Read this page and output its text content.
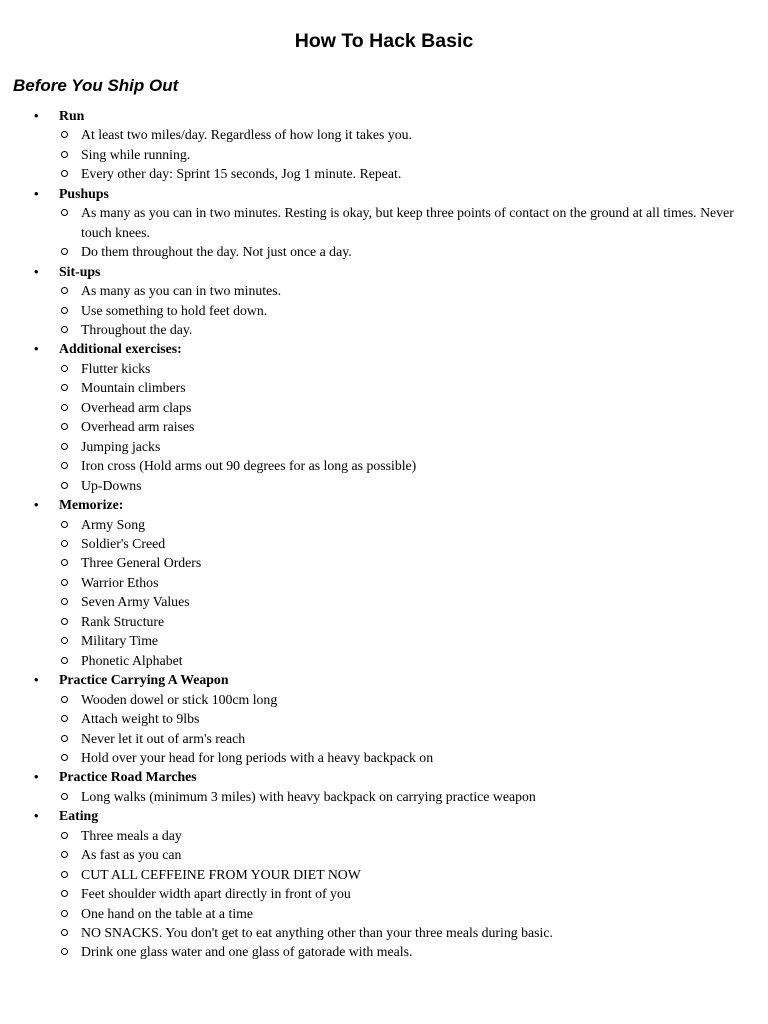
How To Hack Basic
Before You Ship Out
• Run
At least two miles/day. Regardless of how long it takes you.
Sing while running.
Every other day: Sprint 15 seconds, Jog 1 minute. Repeat.
• Pushups
As many as you can in two minutes. Resting is okay, but keep three points of contact on the ground at all times. Never touch knees.
Do them throughout the day. Not just once a day.
• Sit-ups
As many as you can in two minutes.
Use something to hold feet down.
Throughout the day.
• Additional exercises:
Flutter kicks
Mountain climbers
Overhead arm claps
Overhead arm raises
Jumping jacks
Iron cross (Hold arms out 90 degrees for as long as possible)
Up-Downs
• Memorize:
Army Song
Soldier's Creed
Three General Orders
Warrior Ethos
Seven Army Values
Rank Structure
Military Time
Phonetic Alphabet
• Practice Carrying A Weapon
Wooden dowel or stick 100cm long
Attach weight to 9lbs
Never let it out of arm's reach
Hold over your head for long periods with a heavy backpack on
• Practice Road Marches
Long walks (minimum 3 miles) with heavy backpack on carrying practice weapon
• Eating
Three meals a day
As fast as you can
CUT ALL CEFFEINE FROM YOUR DIET NOW
Feet shoulder width apart directly in front of you
One hand on the table at a time
NO SNACKS. You don't get to eat anything other than your three meals during basic.
Drink one glass water and one glass of gatorade with meals.
